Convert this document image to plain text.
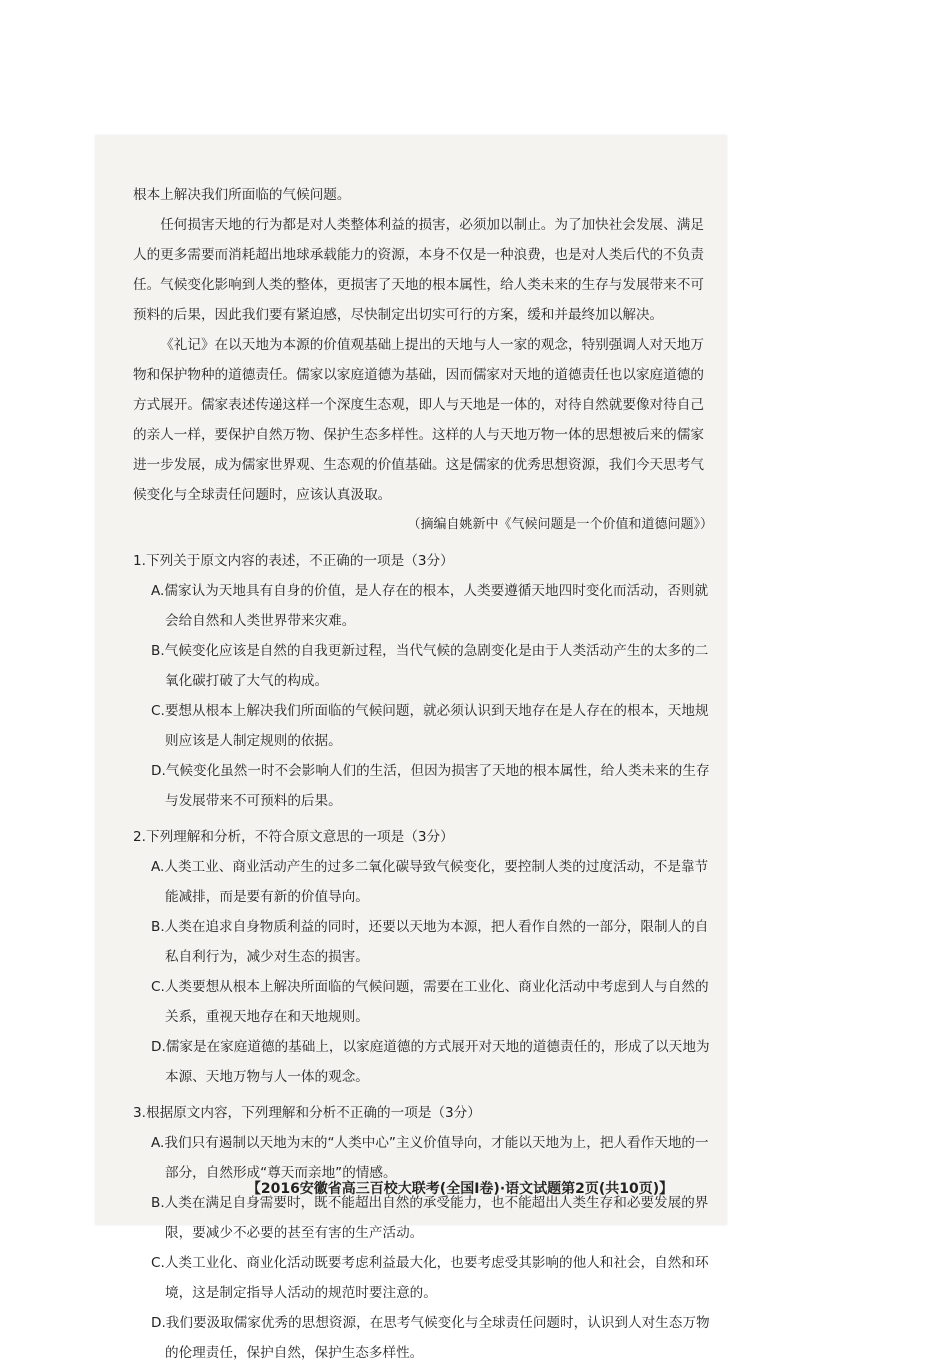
根本上解决我们所面临的气候问题。

任何损害天地的行为都是对人类整体利益的损害，必须加以制止。为了加快社会发展、满足人的更多需要而消耗超出地球承载能力的资源，本身不仅是一种浪费，也是对人类后代的不负责任。气候变化影响到人类的整体，更损害了天地的根本属性，给人类未来的生存与发展带来不可预料的后果，因此我们要有紧迫感，尽快制定出切实可行的方案，缓和并最终加以解决。

《礼记》在以天地为本源的价值观基础上提出的天地与人一家的观念，特别强调人对天地万物和保护物种的道德责任。儒家以家庭道德为基础，因而儒家对天地的道德责任也以家庭道德的方式展开。儒家表述传递这样一个深度生态观，即人与天地是一体的，对待自然就要像对待自己的亲人一样，要保护自然万物、保护生态多样性。这样的人与天地万物一体的思想被后来的儒家进一步发展，成为儒家世界观、生态观的价值基础。这是儒家的优秀思想资源，我们今天思考气候变化与全球责任问题时，应该认真汲取。

（摘编自姚新中《气候问题是一个价值和道德问题》）

1.下列关于原文内容的表述，不正确的一项是（3分）

A.儒家认为天地具有自身的价值，是人存在的根本，人类要遵循天地四时变化而活动，否则就会给自然和人类世界带来灾难。

B.气候变化应该是自然的自我更新过程，当代气候的急剧变化是由于人类活动产生的太多的二氧化碳打破了大气的构成。

C.要想从根本上解决我们所面临的气候问题，就必须认识到天地存在是人存在的根本，天地规则应该是人制定规则的依据。

D.气候变化虽然一时不会影响人们的生活，但因为损害了天地的根本属性，给人类未来的生存与发展带来不可预料的后果。

2.下列理解和分析，不符合原文意思的一项是（3分）

A.人类工业、商业活动产生的过多二氧化碳导致气候变化，要控制人类的过度活动，不是靠节能减排，而是要有新的价值导向。

B.人类在追求自身物质利益的同时，还要以天地为本源，把人看作自然的一部分，限制人的自私自利行为，减少对生态的损害。

C.人类要想从根本上解决所面临的气候问题，需要在工业化、商业化活动中考虑到人与自然的关系，重视天地存在和天地规则。

D.儒家是在家庭道德的基础上，以家庭道德的方式展开对天地的道德责任的，形成了以天地为本源、天地万物与人一体的观念。

3.根据原文内容，下列理解和分析不正确的一项是（3分）

A.我们只有遏制以天地为末的“人类中心”主义价值导向，才能以天地为上，把人看作天地的一部分，自然形成“尊天而亲地”的情感。

B.人类在满足自身需要时，既不能超出自然的承受能力，也不能超出人类生存和必要发展的界限，要减少不必要的甚至有害的生产活动。

C.人类工业化、商业化活动既要考虑利益最大化，也要考虑受其影响的他人和社会，自然和环境，这是制定指导人活动的规范时要注意的。

D.我们要汲取儒家优秀的思想资源，在思考气候变化与全球责任问题时，认识到人对生态万物的伦理责任，保护自然，保护生态多样性。

【2016安徽省高三百校大联考(全国Ⅰ卷)·语文试题第2页(共10页)】
